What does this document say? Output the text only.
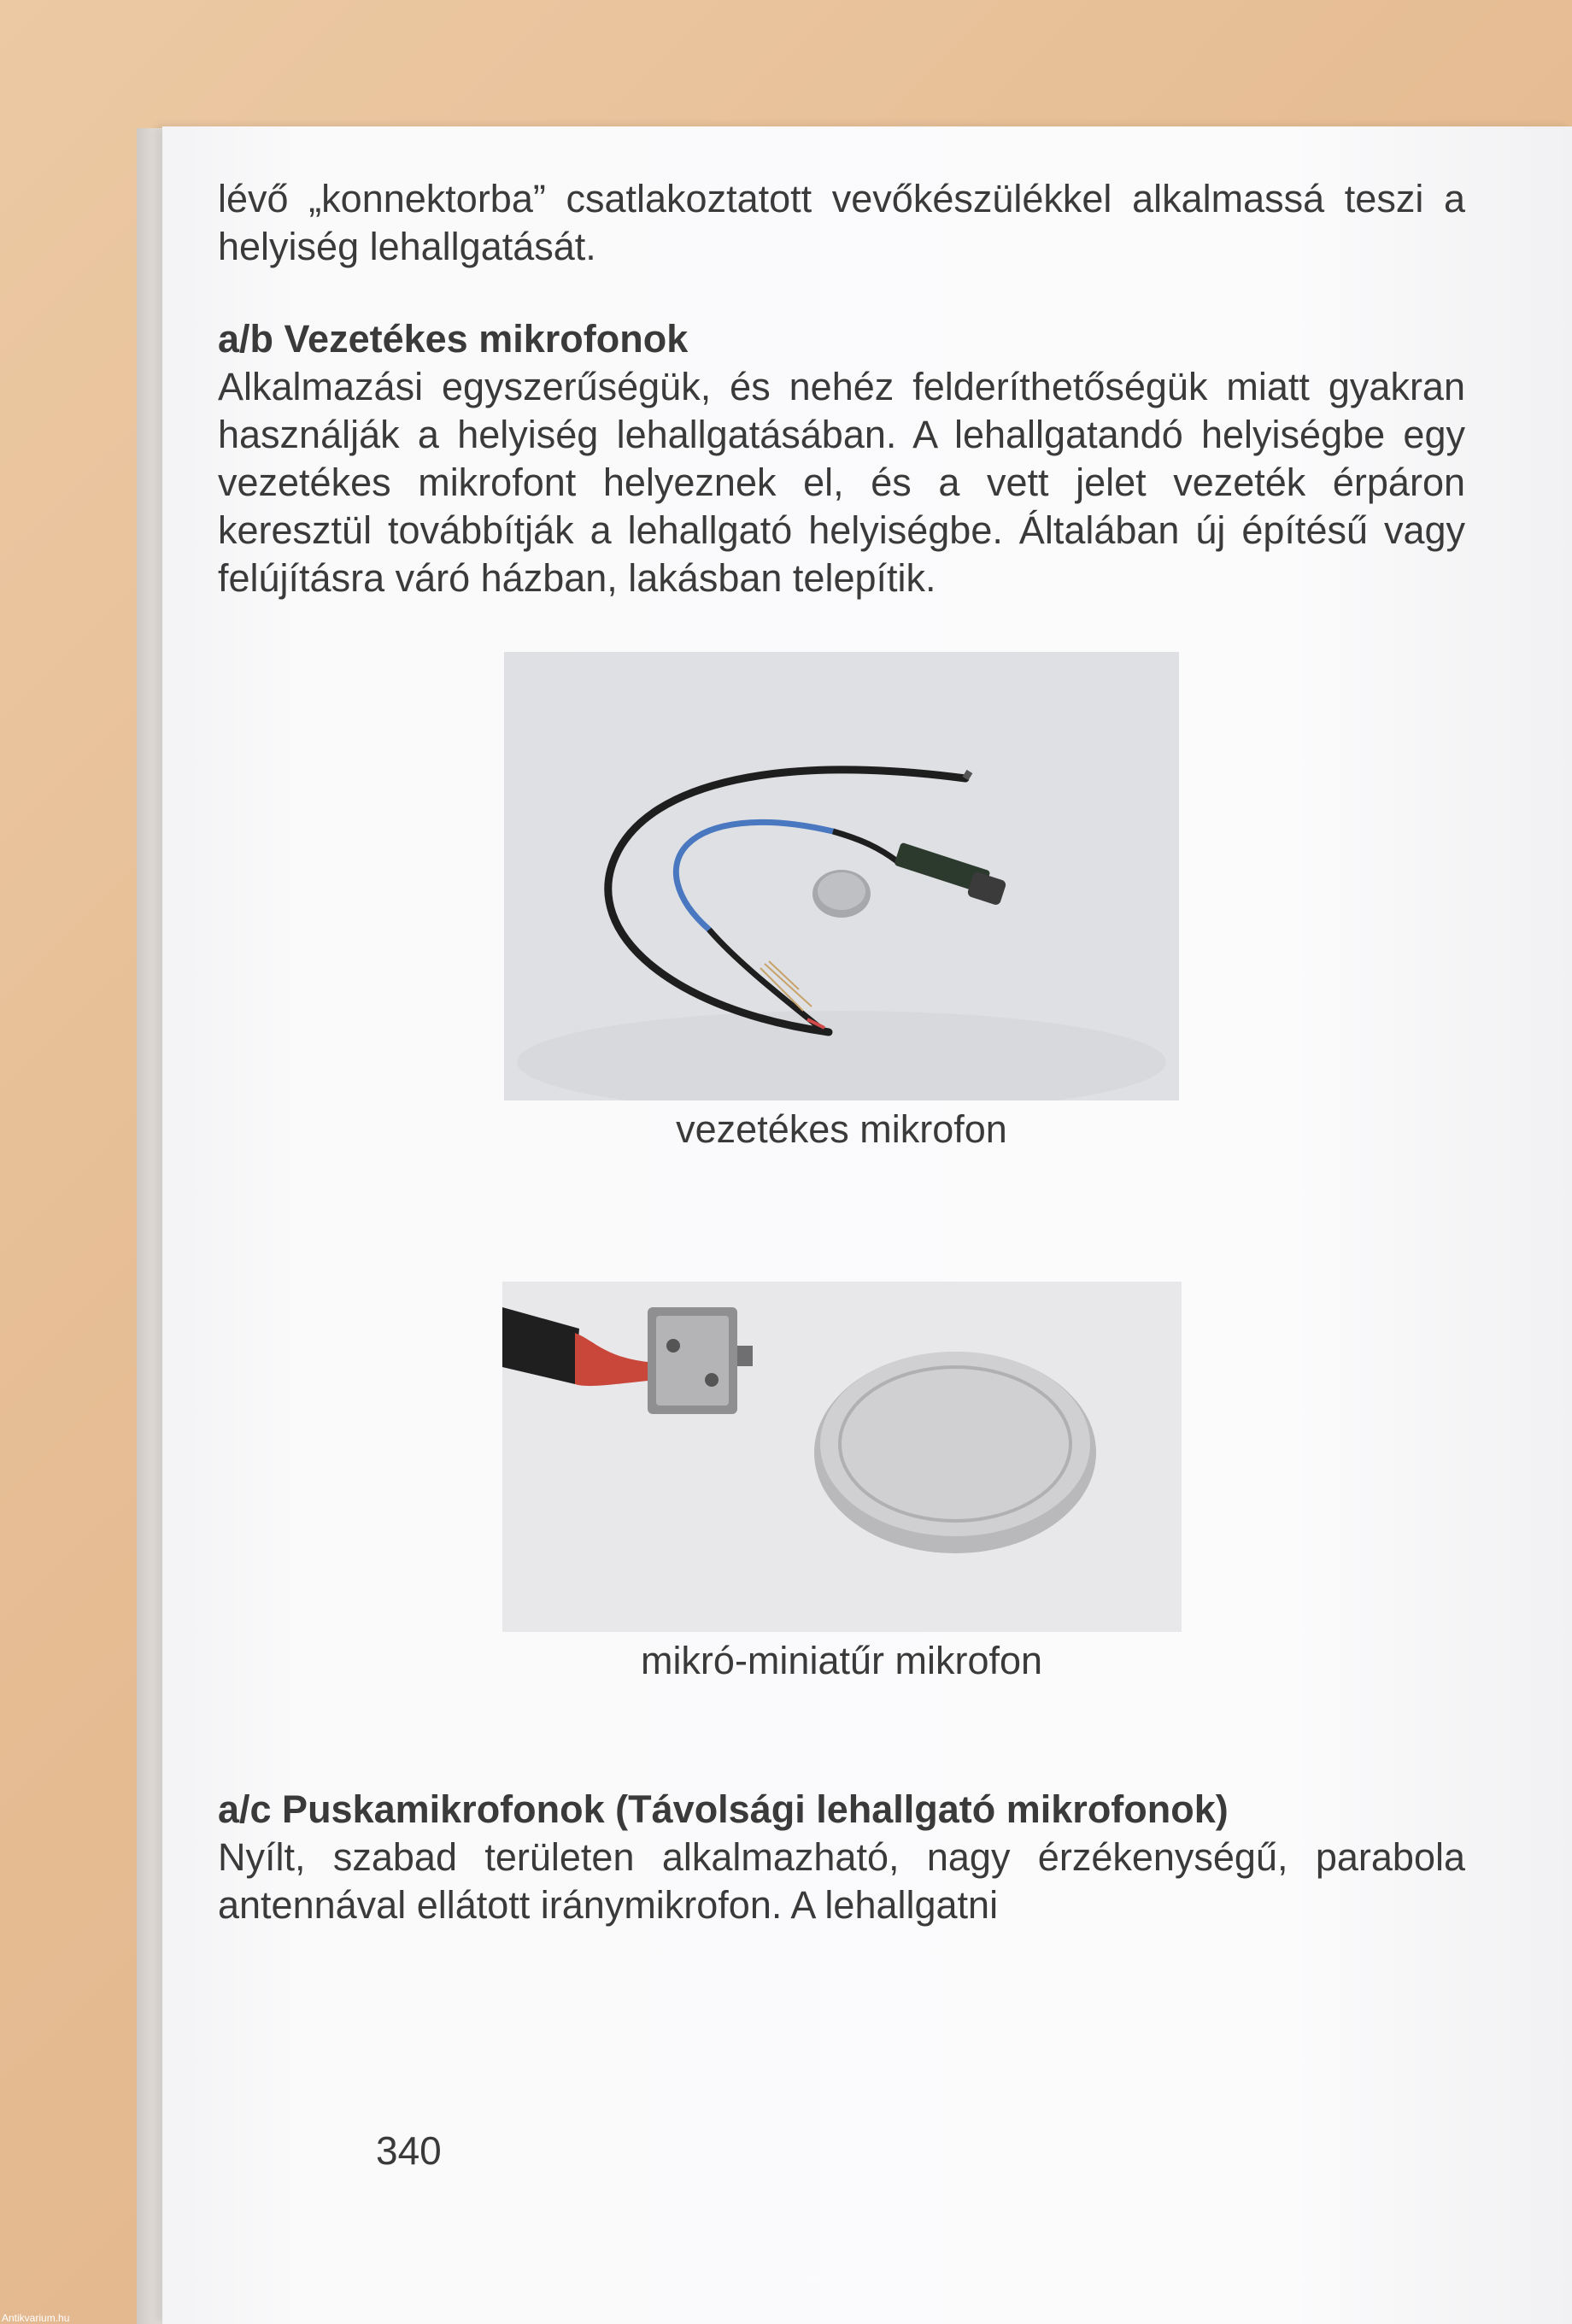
lévő „konnektorba” csatlakoztatott vevőkészülékkel alkalmassá teszi a helyiség lehallgatását.

a/b Vezetékes mikrofonok

Alkalmazási egyszerűségük, és nehéz felderíthetőségük miatt gyakran használják a helyiség lehallgatásában. A lehallgatandó helyiségbe egy vezetékes mikrofont helyeznek el, és a vett jelet vezeték érpáron keresztül továbbítják a lehallgató helyiségbe. Általában új építésű vagy felújításra váró házban, lakásban telepítik.

vezetékes mikrofon
mikró-miniatűr mikrofon

a/c Puskamikrofonok (Távolsági lehallgató mikrofonok)

Nyílt, szabad területen alkalmazható, nagy érzékenységű, parabola antennával ellátott iránymikrofon. A lehallgatni

340
Antikvarium.hu
